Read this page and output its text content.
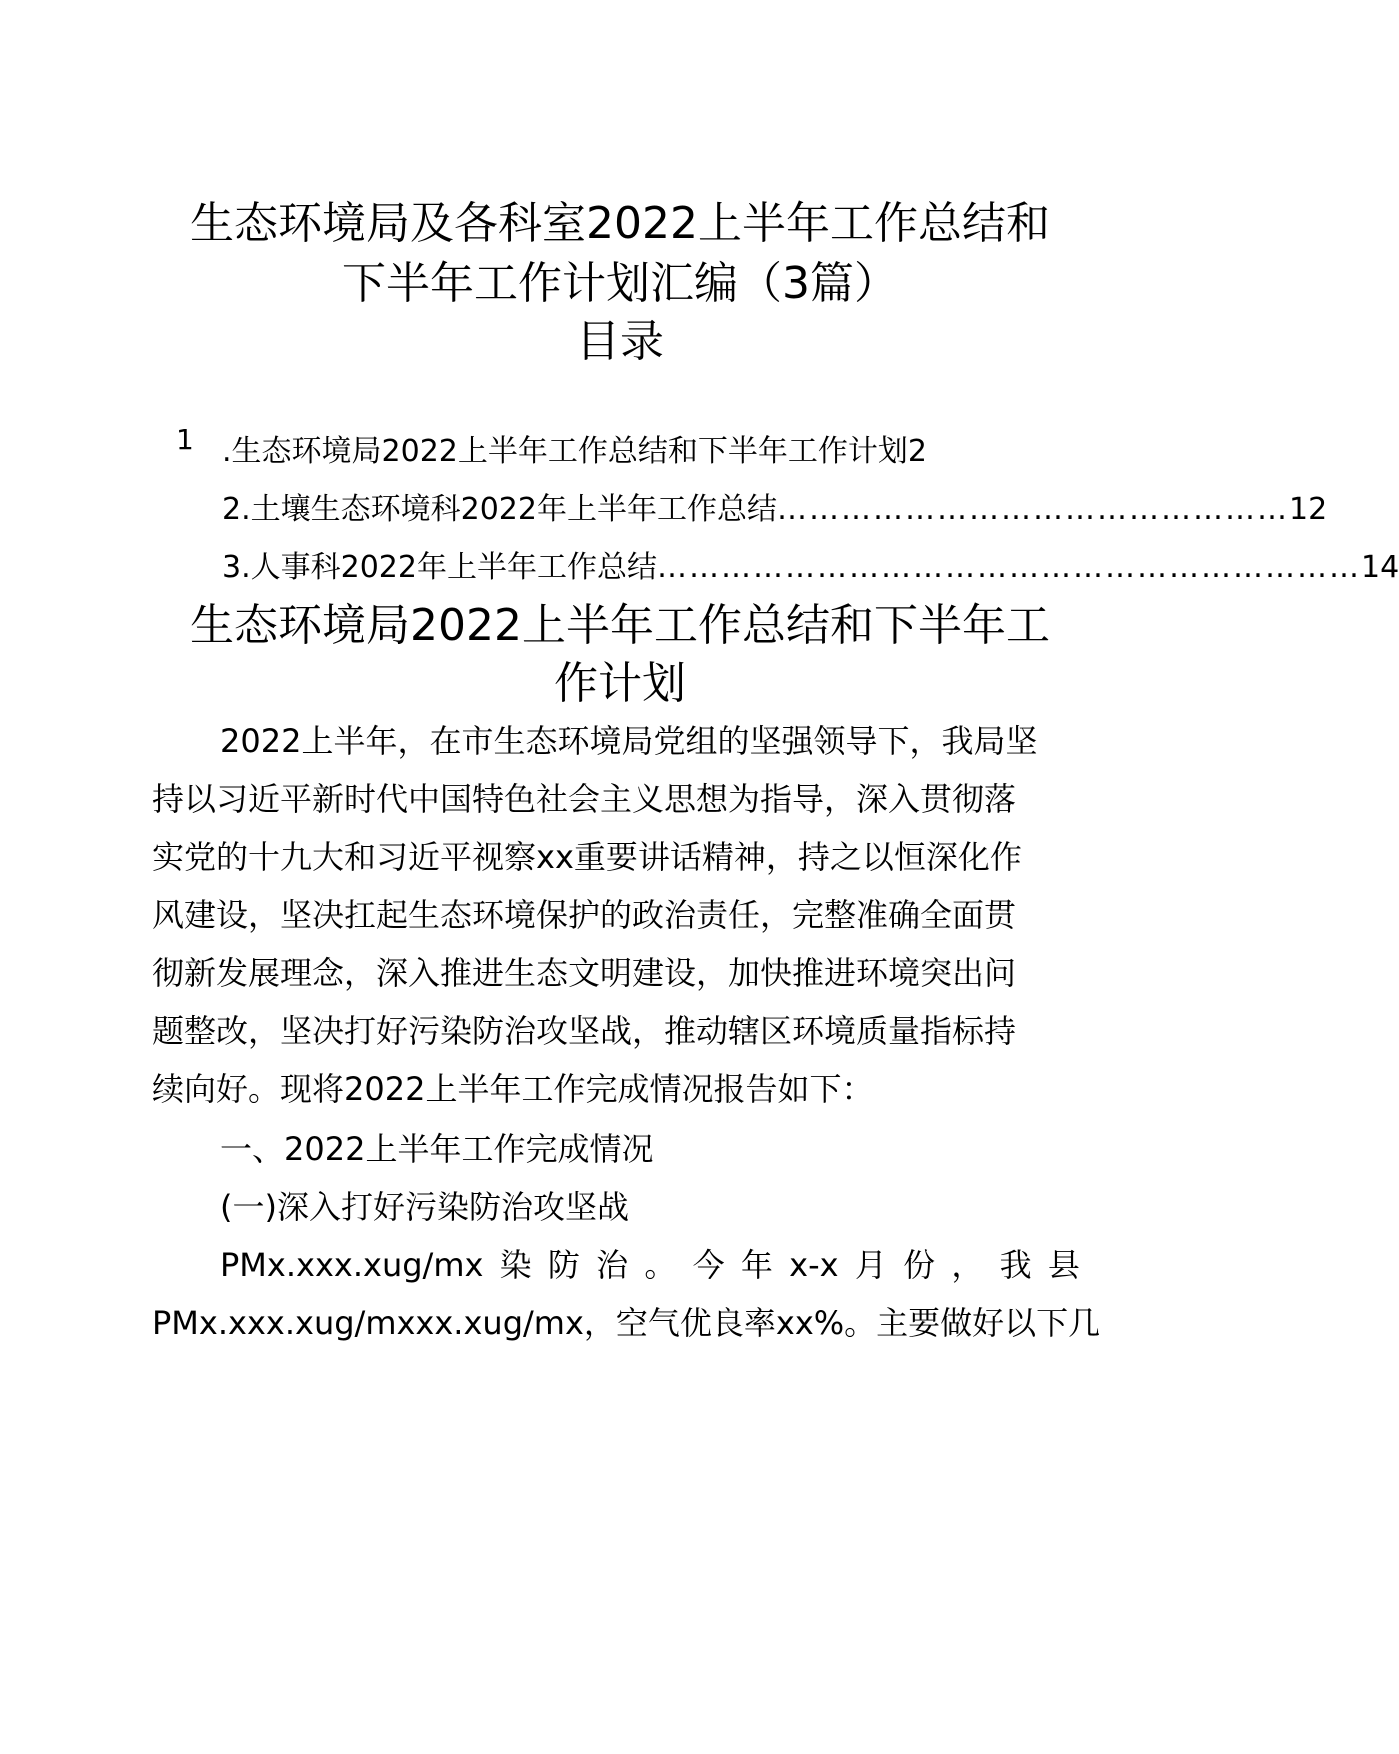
生态环境局及各科室2022上半年工作总结和
下半年工作计划汇编（3篇）
目录
1 .生态环境局2022上半年工作总结和下半年工作计划 2
2.土壤生态环境科2022年上半年工作总结 ………………………………………… 12
3.人事科2022年上半年工作总结 ………………………………………………………… 14
生态环境局2022上半年工作总结和下半年工
作计划
2022上半年，在市生态环境局党组的坚强领导下，我局坚
持以习近平新时代中国特色社会主义思想为指导，深入贯彻落
实党的十九大和习近平视察xx重要讲话精神，持之以恒深化作
风建设，坚决扛起生态环境保护的政治责任，完整准确全面贯
彻新发展理念，深入推进生态文明建设，加快推进环境突出问
题整改，坚决打好污染防治攻坚战，推动辖区环境质量指标持
续向好。现将2022上半年工作完成情况报告如下：
一、2022上半年工作完成情况
(一)深入打好污染防治攻坚战
PMx.xxx.xug/mx 染 防 治 。 今 年 x-x 月 份 ， 我 县
PMx.xxx.xug/mxxx.xug/mx，空气优良率xx%。主要做好以下几
